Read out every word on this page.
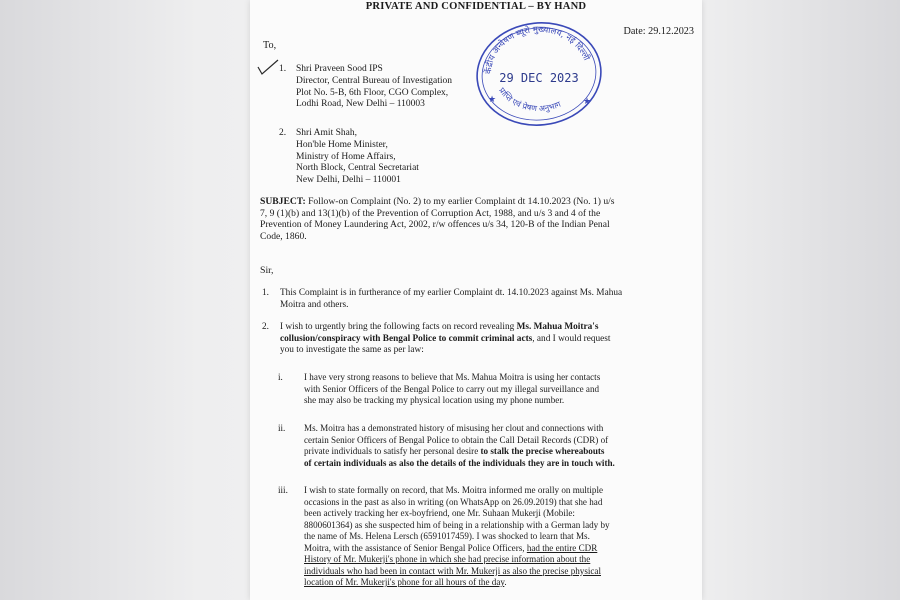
PRIVATE AND CONFIDENTIAL – BY HAND
Date: 29.12.2023
To,
1. Shri Praveen Sood IPS
Director, Central Bureau of Investigation
Plot No. 5-B, 6th Floor, CGO Complex,
Lodhi Road, New Delhi – 110003
2. Shri Amit Shah,
Hon'ble Home Minister,
Ministry of Home Affairs,
North Block, Central Secretariat
New Delhi, Delhi – 110001
केंद्रीय अन्वेषण ब्यूरो मुख्यालय, नई दिल्ली
प्राप्ति एवं प्रेषण अनुभाग
29 DEC 2023
★	★
SUBJECT: Follow-on Complaint (No. 2) to my earlier Complaint dt 14.10.2023 (No. 1) u/s
7, 9 (1)(b) and 13(1)(b) of the Prevention of Corruption Act, 1988, and u/s 3 and 4 of the
Prevention of Money Laundering Act, 2002, r/w offences u/s 34, 120-B of the Indian Penal
Code, 1860.
Sir,
1. This Complaint is in furtherance of my earlier Complaint dt. 14.10.2023 against Ms. Mahua
Moitra and others.
2. I wish to urgently bring the following facts on record revealing Ms. Mahua Moitra's
collusion/conspiracy with Bengal Police to commit criminal acts, and I would request
you to investigate the same as per law:
i. I have very strong reasons to believe that Ms. Mahua Moitra is using her contacts
with Senior Officers of the Bengal Police to carry out my illegal surveillance and
she may also be tracking my physical location using my phone number.
ii. Ms. Moitra has a demonstrated history of misusing her clout and connections with
certain Senior Officers of Bengal Police to obtain the Call Detail Records (CDR) of
private individuals to satisfy her personal desire to stalk the precise whereabouts
of certain individuals as also the details of the individuals they are in touch with.
iii. I wish to state formally on record, that Ms. Moitra informed me orally on multiple
occasions in the past as also in writing (on WhatsApp on 26.09.2019) that she had
been actively tracking her ex-boyfriend, one Mr. Suhaan Mukerji (Mobile:
8800601364) as she suspected him of being in a relationship with a German lady by
the name of Ms. Helena Lersch (6591017459). I was shocked to learn that Ms.
Moitra, with the assistance of Senior Bengal Police Officers, had the entire CDR
History of Mr. Mukerji's phone in which she had precise information about the
individuals who had been in contact with Mr. Mukerji as also the precise physical
location of Mr. Mukerji's phone for all hours of the day.
